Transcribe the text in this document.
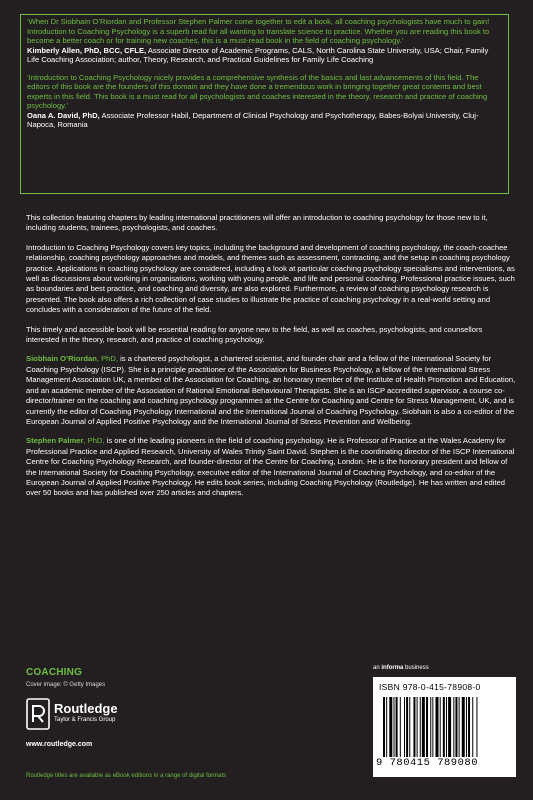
‘When Dr Siobhain O’Riordan and Professor Stephen Palmer come together to edit a book, all coaching psychologists have much to gain! Introduction to Coaching Psychology is a superb read for all wanting to translate science to practice. Whether you are reading this book to become a better coach or for training new coaches, this is a must-read book in the field of coaching psychology.’
Kimberly Allen, PhD, BCC, CFLE, Associate Director of Academic Programs, CALS, North Carolina State University, USA; Chair, Family Life Coaching Association; author, Theory, Research, and Practical Guidelines for Family Life Coaching
‘Introduction to Coaching Psychology nicely provides a comprehensive synthesis of the basics and last advancements of this field. The editors of this book are the founders of this domain and they have done a tremendous work in bringing together great contents and best experts in this field. This book is a must read for all psychologists and coaches interested in the theory, research and practice of coaching psychology.’
Oana A. David, PhD, Associate Professor Habil, Department of Clinical Psychology and Psychotherapy, Babes-Bolyai University, Cluj-Napoca, Romania

This collection featuring chapters by leading international practitioners will offer an introduction to coaching psychology for those new to it, including students, trainees, psychologists, and coaches.

Introduction to Coaching Psychology covers key topics, including the background and development of coaching psychology, the coach-coachee relationship, coaching psychology approaches and models, and themes such as assessment, contracting, and the setup in coaching psychology practice. Applications in coaching psychology are considered, including a look at particular coaching psychology specialisms and interventions, as well as discussions about working in organisations, working with young people, and life and personal coaching. Professional practice issues, such as boundaries and best practice, and coaching and diversity, are also explored. Furthermore, a review of coaching psychology research is presented. The book also offers a rich collection of case studies to illustrate the practice of coaching psychology in a real-world setting and concludes with a consideration of the future of the field.

This timely and accessible book will be essential reading for anyone new to the field, as well as coaches, psychologists, and counsellors interested in the theory, research, and practice of coaching psychology.

Siobhain O’Riordan, PhD, is a chartered psychologist, a chartered scientist, and founder chair and a fellow of the International Society for Coaching Psychology (ISCP). She is a principle practitioner of the Association for Business Psychology, a fellow of the International Stress Management Association UK, a member of the Association for Coaching, an honorary member of the Institute of Health Promotion and Education, and an academic member of the Association of Rational Emotional Behavioural Therapists. She is an ISCP accredited supervisor, a course co-director/trainer on the coaching and coaching psychology programmes at the Centre for Coaching and Centre for Stress Management, UK, and is currently the editor of Coaching Psychology International and the International Journal of Coaching Psychology. Siobhain is also a co-editor of the European Journal of Applied Positive Psychology and the International Journal of Stress Prevention and Wellbeing.

Stephen Palmer, PhD, is one of the leading pioneers in the field of coaching psychology. He is Professor of Practice at the Wales Academy for Professional Practice and Applied Research, University of Wales Trinity Saint David. Stephen is the coordinating director of the ISCP International Centre for Coaching Psychology Research, and founder-director of the Centre for Coaching, London. He is the honorary president and fellow of the International Society for Coaching Psychology, executive editor of the International Journal of Coaching Psychology, and co-editor of the European Journal of Applied Positive Psychology. He edits book series, including Coaching Psychology (Routledge). He has written and edited over 50 books and has published over 250 articles and chapters.

COACHING
Cover image: © Getty Images
Routledge
Taylor & Francis Group
www.routledge.com
Routledge titles are available as eBook editions in a range of digital formats
an informa business
ISBN 978-0-415-78908-0
9 780415 789080
